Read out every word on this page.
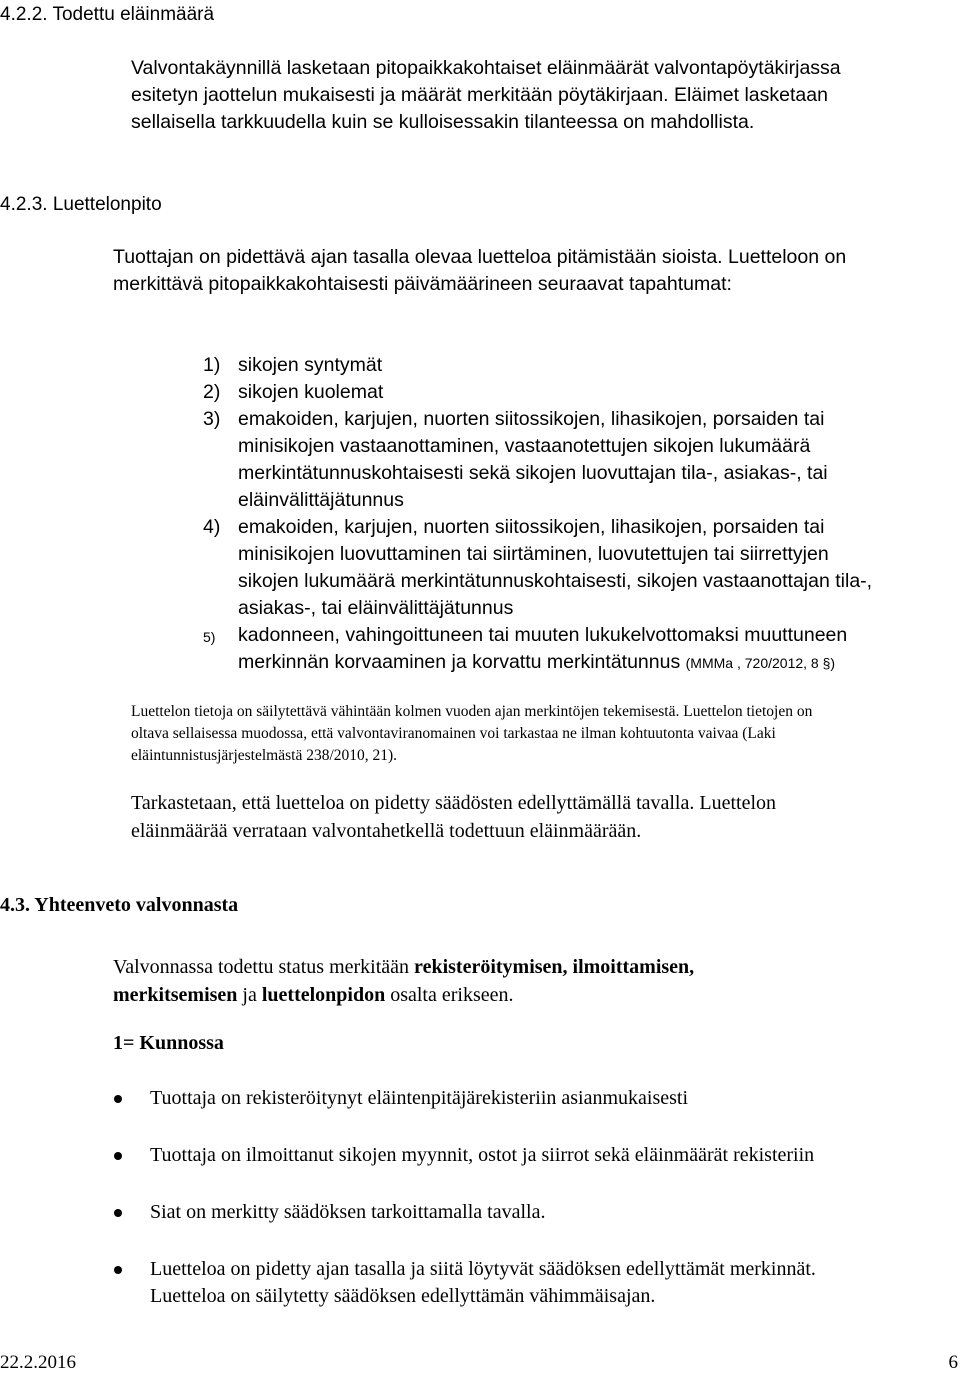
4.2.2. Todettu eläinmäärä
Valvontakäynnillä lasketaan pitopaikkakohtaiset eläinmäärät valvontapöytäkirjassa
esitetyn jaottelun mukaisesti ja määrät merkitään pöytäkirjaan. Eläimet lasketaan
sellaisella tarkkuudella kuin se kulloisessakin tilanteessa on mahdollista.
4.2.3. Luettelonpito
Tuottajan on pidettävä ajan tasalla olevaa luetteloa pitämistään sioista. Luetteloon on
merkittävä pitopaikkakohtaisesti päivämäärineen seuraavat tapahtumat:
1) sikojen syntymät
2) sikojen kuolemat
3) emakoiden, karjujen, nuorten siitossikojen, lihasikojen, porsaiden tai
minisikojen vastaanottaminen, vastaanotettujen sikojen lukumäärä
merkintätunnuskohtaisesti sekä sikojen luovuttajan tila-, asiakas-, tai
eläinvälittäjätunnus
4) emakoiden, karjujen, nuorten siitossikojen, lihasikojen, porsaiden tai
minisikojen luovuttaminen tai siirtäminen, luovutettujen tai siirrettyjen
sikojen lukumäärä merkintätunnuskohtaisesti, sikojen vastaanottajan tila-,
asiakas-, tai eläinvälittäjätunnus
5) kadonneen, vahingoittuneen tai muuten lukukelvottomaksi muuttuneen
merkinnän korvaaminen ja korvattu merkintätunnus (MMMa , 720/2012, 8 §)
Luettelon tietoja on säilytettävä vähintään kolmen vuoden ajan merkintöjen tekemisestä. Luettelon tietojen on
oltava sellaisessa muodossa, että valvontaviranomainen voi tarkastaa ne ilman kohtuutonta vaivaa (Laki
eläintunnistusjärjestelmästä 238/2010, 21).
Tarkastetaan, että luetteloa on pidetty säädösten edellyttämällä tavalla. Luettelon
eläinmäärää verrataan valvontahetkellä todettuun eläinmäärään.
4.3. Yhteenveto valvonnasta
Valvonnassa todettu status merkitään rekisteröitymisen, ilmoittamisen,
merkitsemisen ja luettelonpidon osalta erikseen.
1= Kunnossa
Tuottaja on rekisteröitynyt eläintenpitäjärekisteriin asianmukaisesti
Tuottaja on ilmoittanut sikojen myynnit, ostot ja siirrot sekä eläinmäärät rekisteriin
Siat on merkitty säädöksen tarkoittamalla tavalla.
Luetteloa on pidetty ajan tasalla ja siitä löytyvät säädöksen edellyttämät merkinnät.
Luetteloa on säilytetty säädöksen edellyttämän vähimmäisajan.
22.2.2016	6
